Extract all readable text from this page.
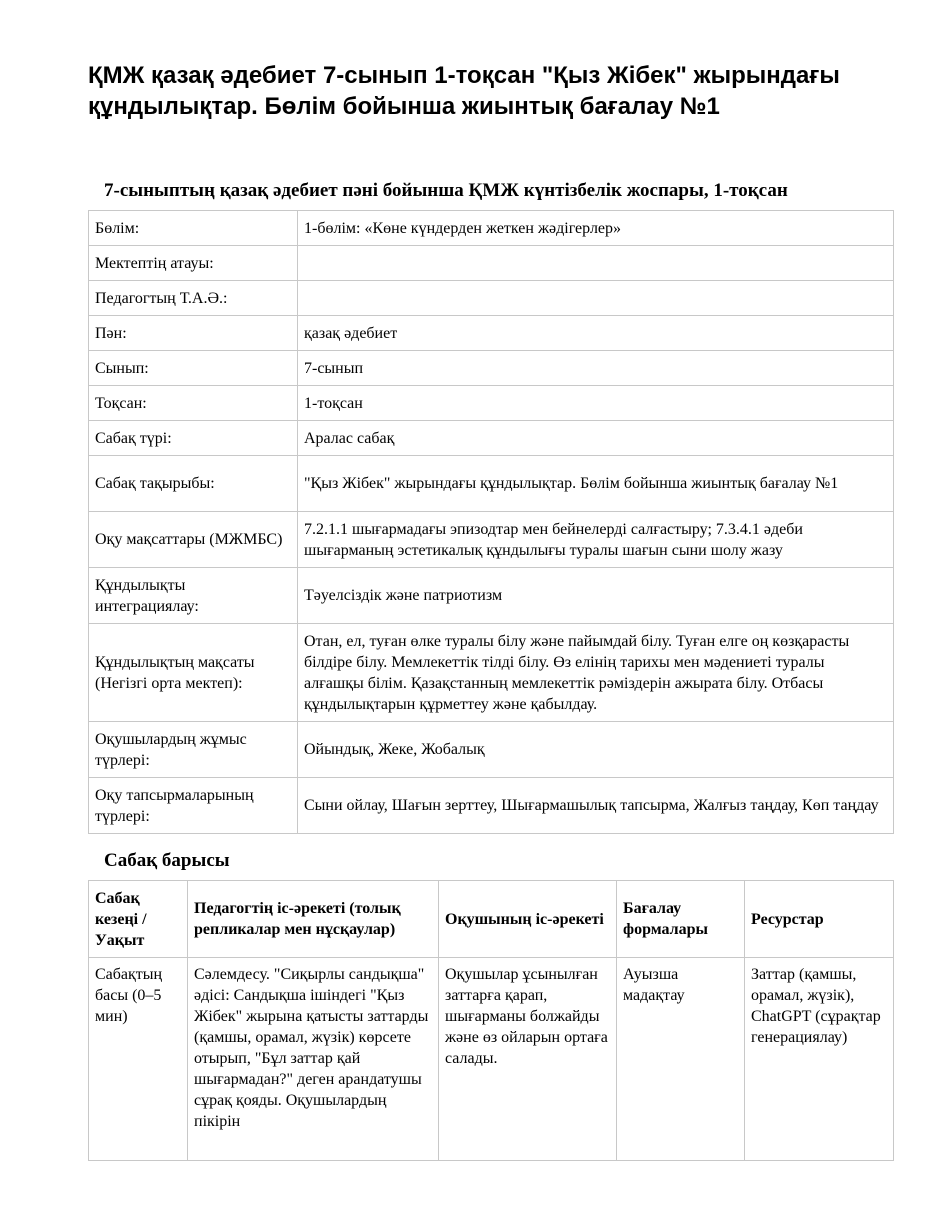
ҚМЖ қазақ әдебиет 7-сынып 1-тоқсан "Қыз Жібек" жырындағы құндылықтар. Бөлім бойынша жиынтық бағалау №1
7-сыныптың қазақ әдебиет пәні бойынша ҚМЖ күнтізбелік жоспары, 1-тоқсан
Бөлім:	1-бөлім: «Көне күндерден жеткен жәдігерлер»
Мектептің атауы:	
Педагогтың Т.А.Ә.:	
Пән:	қазақ әдебиет
Сынып:	7-сынып
Тоқсан:	1-тоқсан
Сабақ түрі:	Аралас сабақ
Сабақ тақырыбы:	"Қыз Жібек" жырындағы құндылықтар. Бөлім бойынша жиынтық бағалау №1
Оқу мақсаттары (МЖМБС)	7.2.1.1 шығармадағы эпизодтар мен бейнелерді салғастыру; 7.3.4.1 әдеби шығарманың эстетикалық құндылығы туралы шағын сыни шолу жазу
Құндылықты интеграциялау:	Тәуелсіздік және патриотизм
Құндылықтың мақсаты (Негізгі орта мектеп):	Отан, ел, туған өлке туралы білу және пайымдай білу. Туған елге оң көзқарасты білдіре білу. Мемлекеттік тілді білу. Өз елінің тарихы мен мәдениеті туралы алғашқы білім. Қазақстанның мемлекеттік рәміздерін ажырата білу. Отбасы құндылықтарын құрметтеу және қабылдау.
Оқушылардың жұмыс түрлері:	Ойындық, Жеке, Жобалық
Оқу тапсырмаларының түрлері:	Сыни ойлау, Шағын зерттеу, Шығармашылық тапсырма, Жалғыз таңдау, Көп таңдау
Сабақ барысы
Сабақ кезеңі / Уақыт	Педагогтің іс-әрекеті (толық репликалар мен нұсқаулар)	Оқушының іс-әрекеті	Бағалау формалары	Ресурстар
Сабақтың басы (0–5 мин)	Сәлемдесу. "Сиқырлы сандықша" әдісі: Сандықша ішіндегі "Қыз Жібек" жырына қатысты заттарды (қамшы, орамал, жүзік) көрсете отырып, "Бұл заттар қай шығармадан?" деген арандатушы сұрақ қояды. Оқушылардың пікірін	Оқушылар ұсынылған заттарға қарап, шығарманы болжайды және өз ойларын ортаға салады.	Ауызша мадақтау	Заттар (қамшы, орамал, жүзік), ChatGPT (сұрақтар генерациялау)
